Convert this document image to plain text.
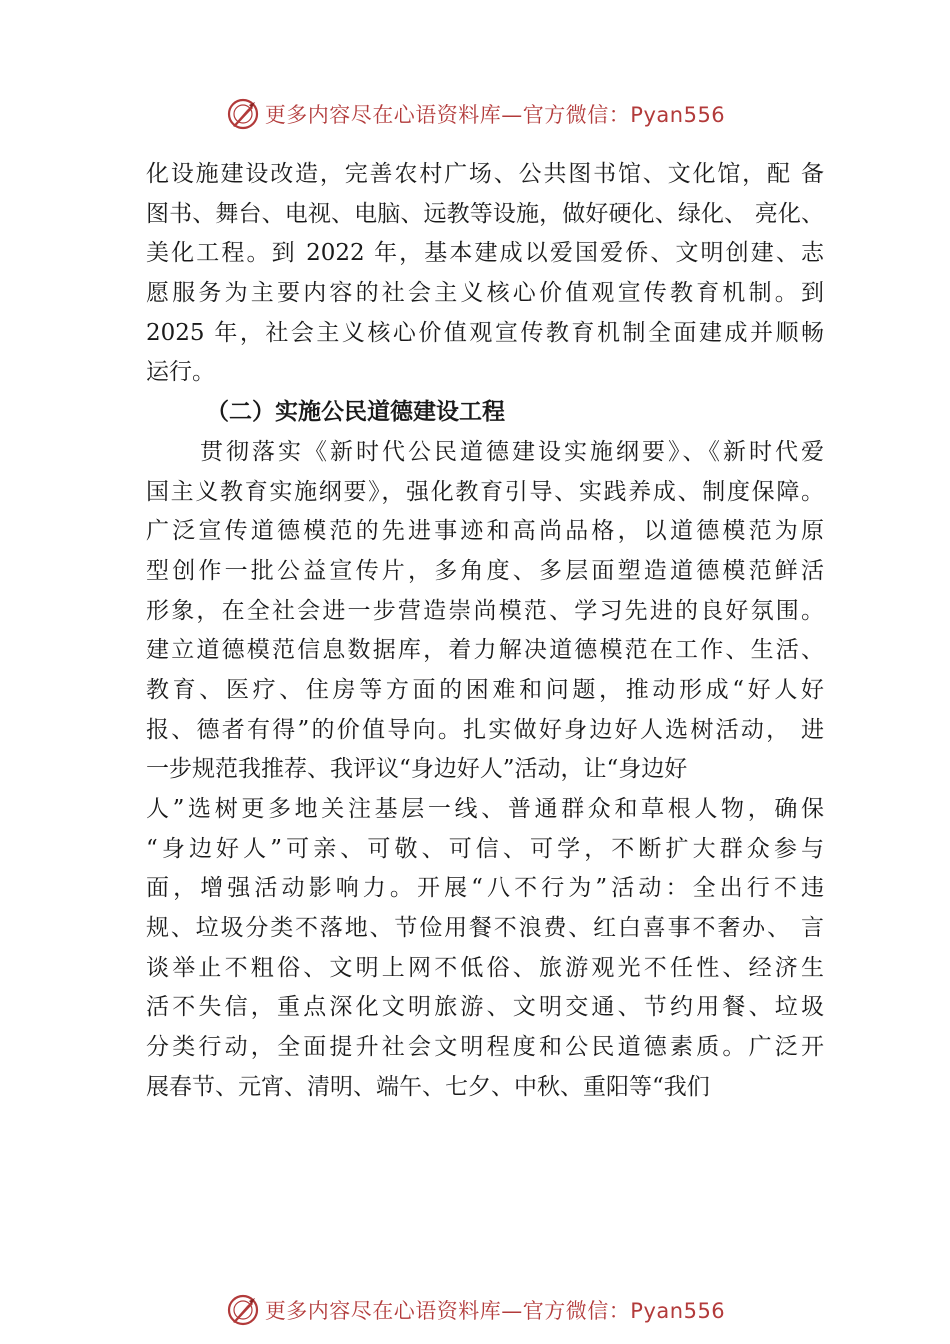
更多内容尽在心语资料库—官方微信：Pyan556
化设施建设改造，完善农村广场、公共图书馆、文化馆，配 备
图书、舞台、电视、电脑、远教等设施，做好硬化、绿化、 亮化、
美化工程。到 2022 年，基本建成以爱国爱侨、文明创建、志
愿服务为主要内容的社会主义核心价值观宣传教育机制。到
2025 年，社会主义核心价值观宣传教育机制全面建成并顺畅
运行。
（二）实施公民道德建设工程
贯彻落实《新时代公民道德建设实施纲要》、《新时代爱
国主义教育实施纲要》，强化教育引导、实践养成、制度保障。
广泛宣传道德模范的先进事迹和高尚品格，以道德模范为原
型创作一批公益宣传片，多角度、多层面塑造道德模范鲜活
形象，在全社会进一步营造崇尚模范、学习先进的良好氛围。
建立道德模范信息数据库，着力解决道德模范在工作、生活、
教育、医疗、住房等方面的困难和问题，推动形成“好人好
报、德者有得”的价值导向。扎实做好身边好人选树活动， 进
一步规范我推荐、我评议“身边好人”活动，让“身边好
人”选树更多地关注基层一线、普通群众和草根人物，确保
“身边好人”可亲、可敬、可信、可学，不断扩大群众参与
面，增强活动影响力。开展“八不行为”活动：全出行不违
规、垃圾分类不落地、节俭用餐不浪费、红白喜事不奢办、 言
谈举止不粗俗、文明上网不低俗、旅游观光不任性、经济生
活不失信，重点深化文明旅游、文明交通、节约用餐、垃圾
分类行动，全面提升社会文明程度和公民道德素质。广泛开
展春节、元宵、清明、端午、七夕、中秋、重阳等“我们
更多内容尽在心语资料库—官方微信：Pyan556
